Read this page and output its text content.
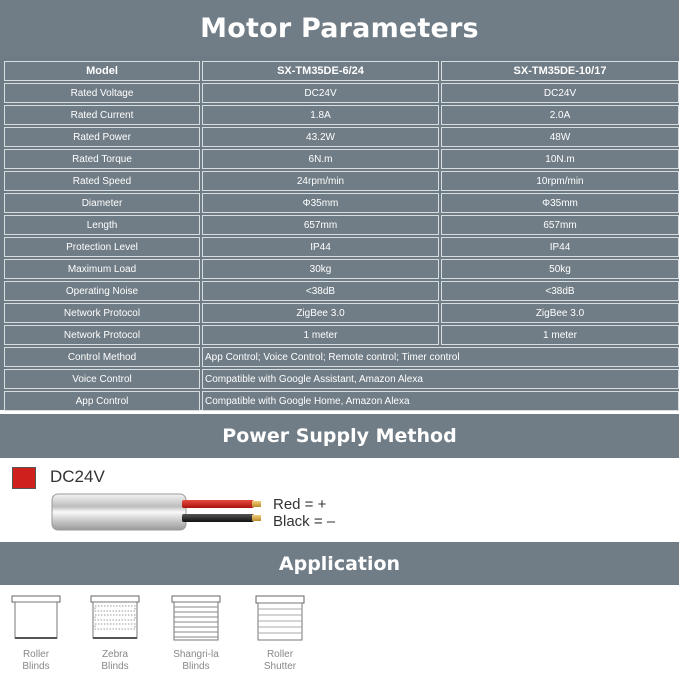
Motor Parameters
Model	SX-TM35DE-6/24	SX-TM35DE-10/17
Rated Voltage	DC24V	DC24V
Rated Current	1.8A	2.0A
Rated Power	43.2W	48W
Rated Torque	6N.m	10N.m
Rated Speed	24rpm/min	10rpm/min
Diameter	Φ35mm	Φ35mm
Length	657mm	657mm
Protection Level	IP44	IP44
Maximum Load	30kg	50kg
Operating Noise	<38dB	<38dB
Network Protocol	ZigBee 3.0	ZigBee 3.0
Network Protocol	1 meter	1 meter
Control Method	App Control; Voice Control; Remote control; Timer control	
Voice Control	Compatible with Google Assistant, Amazon Alexa	
App Control	Compatible with Google Home, Amazon Alexa	
Power Supply Method
DC24V
Red = +
Black = –
Application
Roller
Blinds
Zebra
Blinds
Shangri-la
Blinds
Roller
Shutter
